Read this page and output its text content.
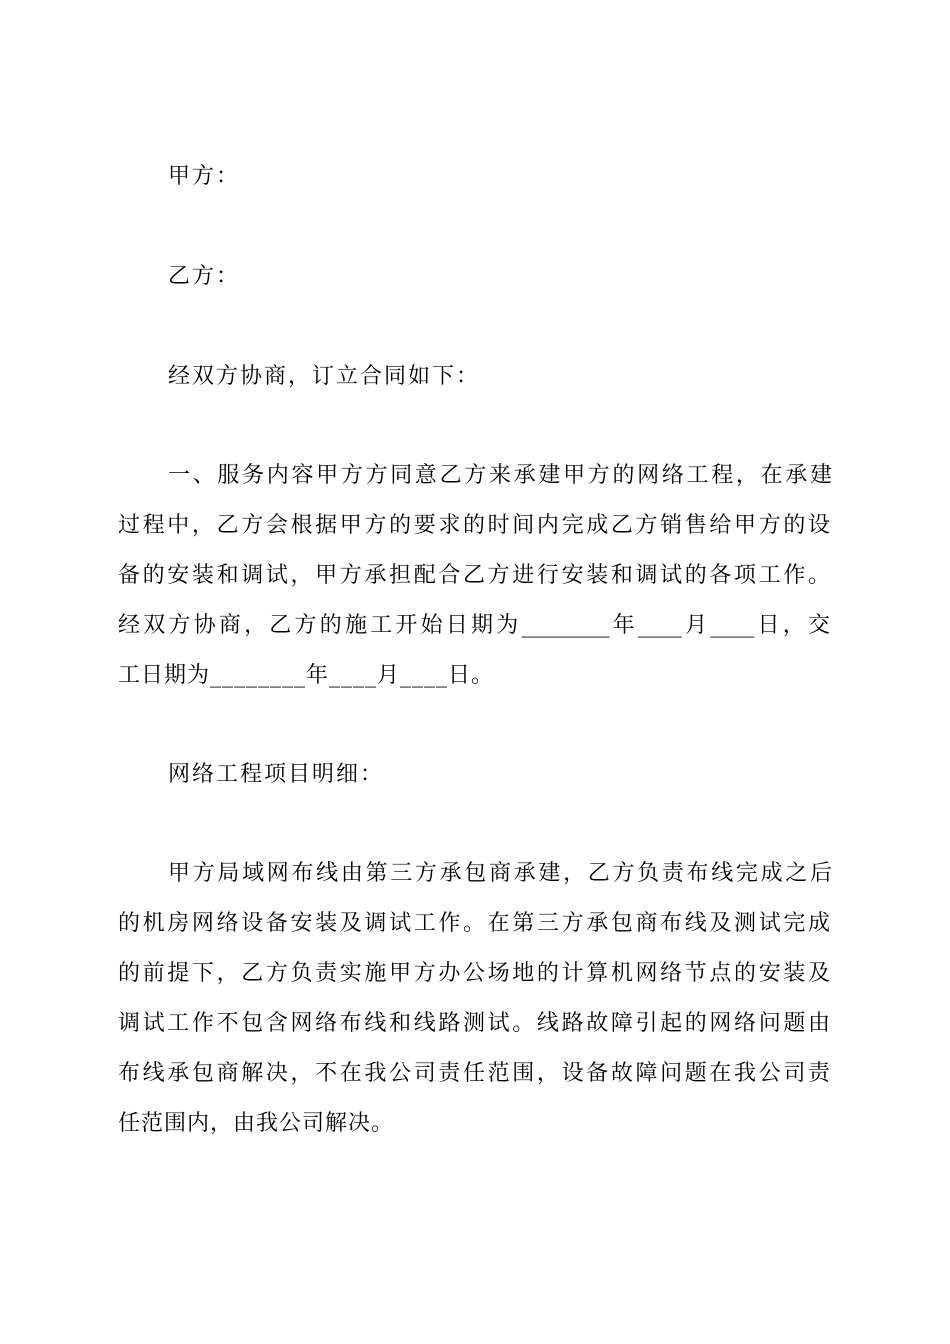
甲方：
乙方：
经双方协商，订立合同如下：
一、服务内容甲方方同意乙方来承建甲方的网络工程，在承建
过程中，乙方会根据甲方的要求的时间内完成乙方销售给甲方的设
备的安装和调试，甲方承担配合乙方进行安装和调试的各项工作。
经双方协商，乙方的施工开始日期为________年____月____日，交
工日期为________年____月____日。
网络工程项目明细：
甲方局域网布线由第三方承包商承建，乙方负责布线完成之后
的机房网络设备安装及调试工作。在第三方承包商布线及测试完成
的前提下，乙方负责实施甲方办公场地的计算机网络节点的安装及
调试工作不包含网络布线和线路测试。线路故障引起的网络问题由
布线承包商解决，不在我公司责任范围，设备故障问题在我公司责
任范围内，由我公司解决。
